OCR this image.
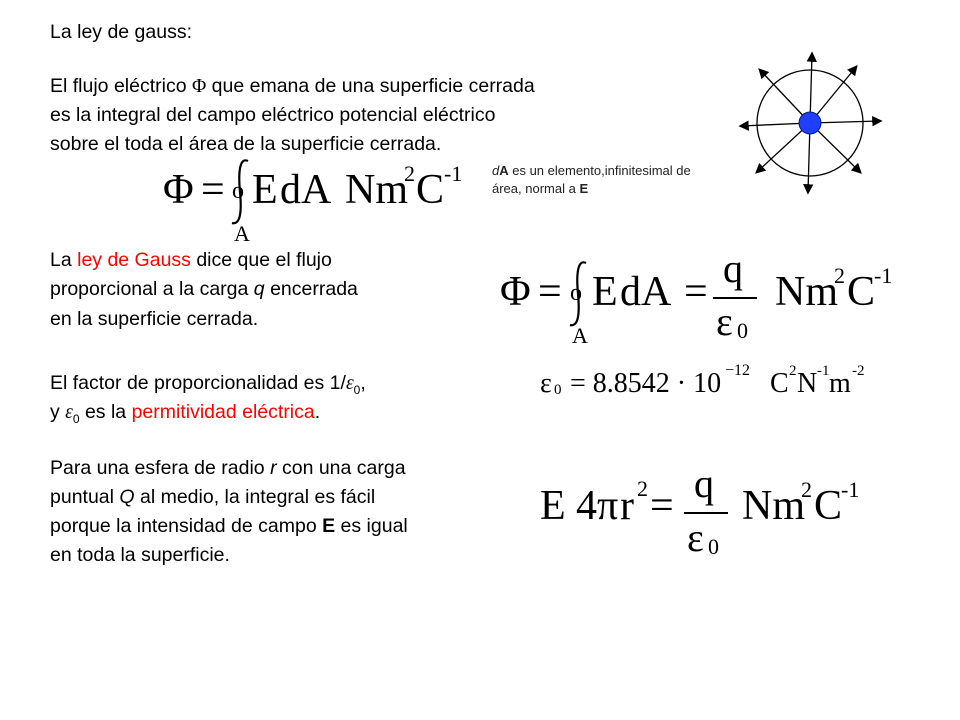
La ley de gauss:
El flujo eléctrico Φ que emana de una superficie cerrada
es la integral del campo eléctrico potencial eléctrico
sobre el toda el área de la superficie cerrada.
dA es un elemento,infinitesimal de
área, normal a E
Φ = o
A
E d A Nm
2 C -1
La ley de Gauss dice que el flujo
proporcional a la carga q encerrada
en la superficie cerrada.
Φ = o
A
E d A =
q
ε 0
Nm
2 C
-1
El factor de proporcionalidad es $1/\varepsilon_0$,
y $\varepsilon_0$ es la permitividad eléctrica.
ε 0 = 8.8542 · 10 −12 C 2 N -1 m -2
Para una esfera de radio r con una carga
puntual Q al medio, la integral es fácil
porque la intensidad de campo E es igual
en toda la superficie.
E 4 π r 2 = q
ε 0
Nm
2 C
-1
